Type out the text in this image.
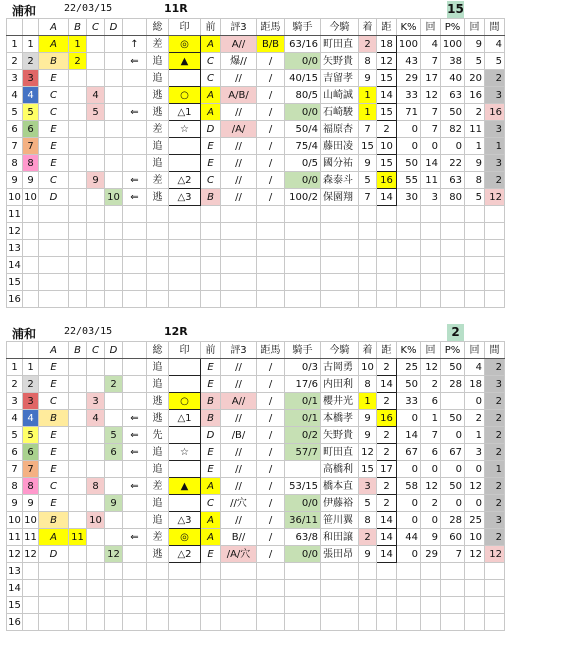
浦和	22/03/15	11R	15
		A	B	C	D		総	印	前	評3	距馬	騎手	今騎	着	距	K%	回	P%	回	間
1	1	A	1			↑	差	◎	A	A//	B/B	63/16	町田直	2	18	100	4	100	9	4
2	2	B	2			⇐	追	▲	C	爆//	/	0/0	矢野貴	8	12	43	7	38	5	5
3	3	E					追		C	//	/	40/15	吉留孝	9	15	29	17	40	20	2
4	4	C		4			逃	○	A	A/B/	/	80/5	山崎誠	1	14	33	12	63	16	3
5	5	C		5		⇐	逃	△1	A	//	/	0/0	石崎駿	1	15	71	7	50	2	16
6	6	E					差	☆	D	/A/	/	50/4	福原杏	7	2	0	7	82	11	3
7	7	E					追		E	//	/	75/4	藤田凌	15	10	0	0	0	1	1
8	8	E					追		E	//	/	0/5	國分祐	9	15	50	14	22	9	3
9	9	C		9		⇐	差	△2	C	//	/	0/0	森泰斗	5	16	55	11	63	8	2
10	10	D			10	⇐	逃	△3	B	//	/	100/2	保園翔	7	14	30	3	80	5	12
11																				
12																				
13																				
14																				
15																				
16																				
浦和	22/03/15	12R	2
		A	B	C	D		総	印	前	評3	距馬	騎手	今騎	着	距	K%	回	P%	回	間
1	1	E					追		E	//	/	0/3	古岡勇	10	2	25	12	50	4	2
2	2	E			2		追		E	//	/	17/6	内田利	8	14	50	2	28	18	3
3	3	C		3			逃	○	B	A//	/	0/1	櫻井光	1	2	33	6		0	2
4	4	B		4		⇐	逃	△1	B	//	/	0/1	本橋孝	9	16	0	1	50	2	2
5	5	E			5	⇐	先		D	/B/	/	0/2	矢野貴	9	2	14	7	0	1	2
6	6	E			6	⇐	追	☆	E	//	/	57/7	町田直	12	2	67	6	67	3	2
7	7	E					追		E	//	/		高橋利	15	17	0	0	0	0	1
8	8	C		8		⇐	差	▲	A	//	/	53/15	橋本直	3	2	58	12	50	12	2
9	9	E			9		追		C	//穴	/	0/0	伊藤裕	5	2	0	2	0	0	2
10	10	B		10			追	△3	A	//	/	36/11	笹川翼	8	14	0	0	28	25	3
11	11	A	11			⇐	差	◎	A	B//	/	63/8	和田譲	2	14	44	9	60	10	2
12	12	D			12		逃	△2	E	/A/穴	/	0/0	張田昂	9	14	0	29	7	12	12
13																				
14																				
15																				
16																				
